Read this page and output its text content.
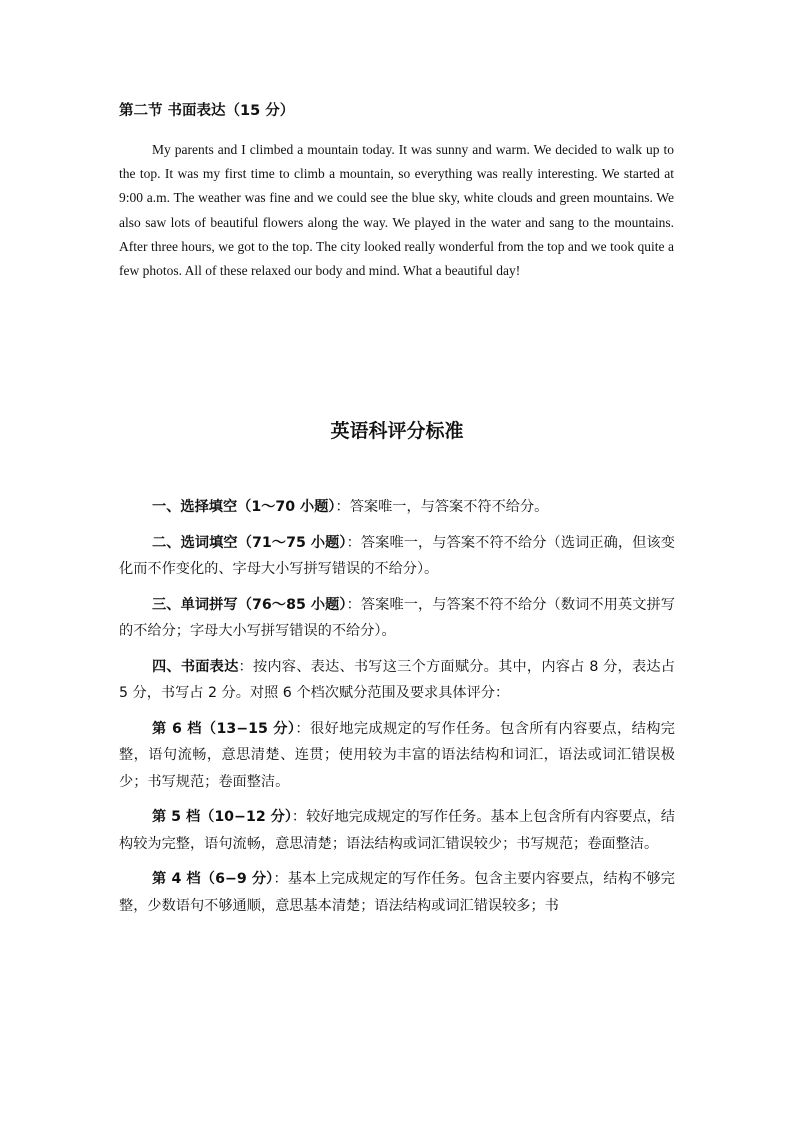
第二节 书面表达（15 分）

My parents and I climbed a mountain today. It was sunny and warm. We decided to walk up to the top. It was my first time to climb a mountain, so everything was really interesting. We started at 9:00 a.m. The weather was fine and we could see the blue sky, white clouds and green mountains. We also saw lots of beautiful flowers along the way. We played in the water and sang to the mountains. After three hours, we got to the top. The city looked really wonderful from the top and we took quite a few photos. All of these relaxed our body and mind. What a beautiful day!

英语科评分标准

一、选择填空（1～70 小题）：答案唯一，与答案不符不给分。

二、选词填空（71～75 小题）：答案唯一，与答案不符不给分（选词正确，但该变化而不作变化的、字母大小写拼写错误的不给分）。

三、单词拼写（76～85 小题）：答案唯一，与答案不符不给分（数词不用英文拼写的不给分；字母大小写拼写错误的不给分）。

四、书面表达：按内容、表达、书写这三个方面赋分。其中，内容占 8 分，表达占 5 分，书写占 2 分。对照 6 个档次赋分范围及要求具体评分：

第 6 档（13−15 分）：很好地完成规定的写作任务。包含所有内容要点，结构完整，语句流畅，意思清楚、连贯；使用较为丰富的语法结构和词汇，语法或词汇错误极少；书写规范；卷面整洁。

第 5 档（10−12 分）：较好地完成规定的写作任务。基本上包含所有内容要点，结构较为完整，语句流畅，意思清楚；语法结构或词汇错误较少；书写规范；卷面整洁。

第 4 档（6−9 分）：基本上完成规定的写作任务。包含主要内容要点，结构不够完整，少数语句不够通顺，意思基本清楚；语法结构或词汇错误较多；书
